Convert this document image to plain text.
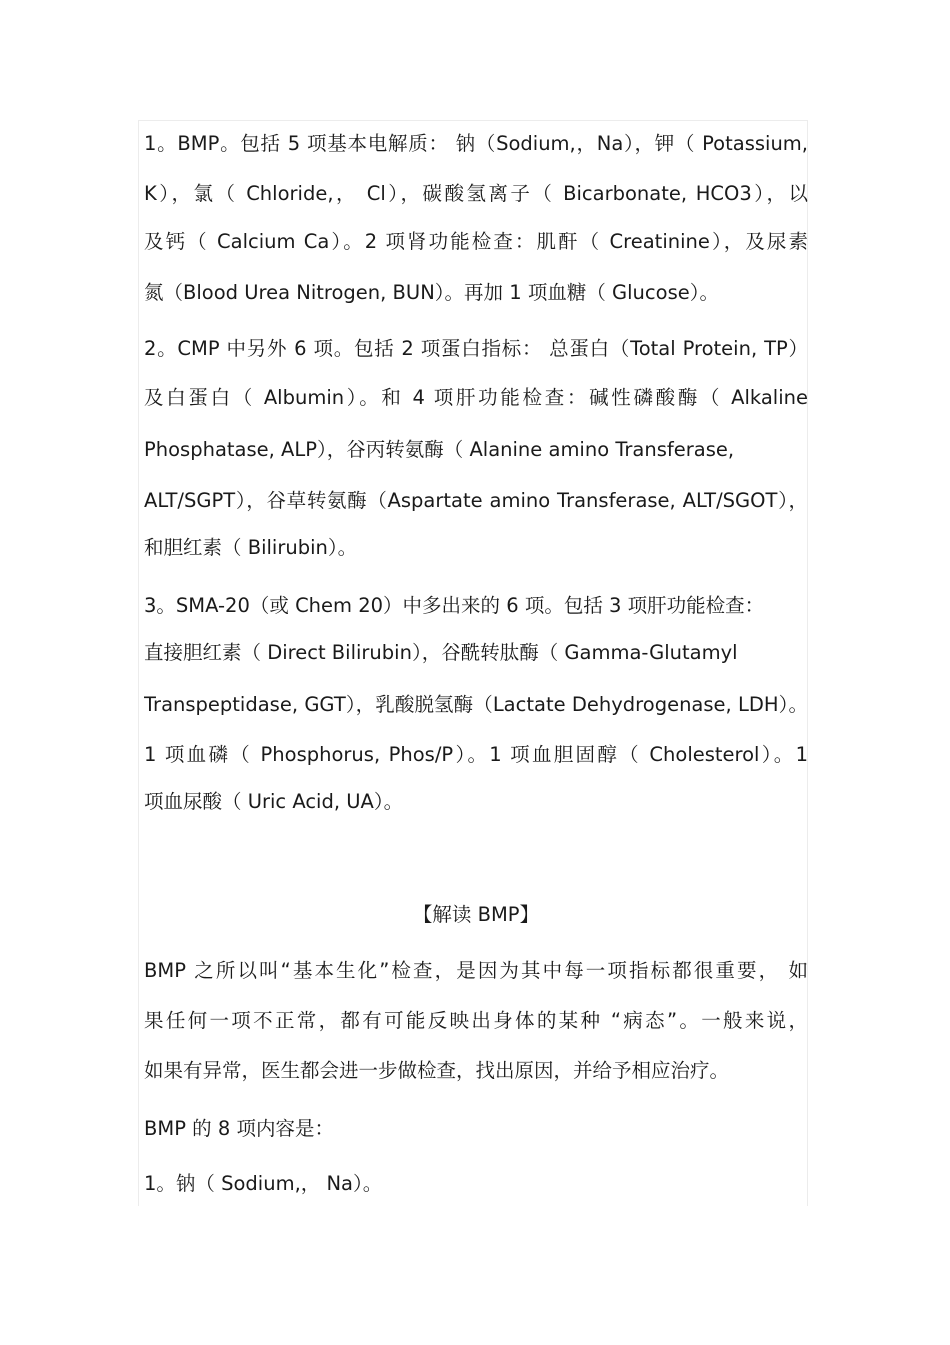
1。BMP。包括 5 项基本电解质： 钠（Sodium,，Na），钾（ Potassium,
K），氯（ Chloride,， Cl），碳酸氢离子（ Bicarbonate, HCO3），以
及钙（ Calcium Ca）。2 项肾功能检查：肌酐（ Creatinine），及尿素
氮（Blood Urea Nitrogen, BUN）。再加 1 项血糖（ Glucose）。
2。CMP 中另外 6 项。包括 2 项蛋白指标： 总蛋白（Total Protein, TP）
及白蛋白（ Albumin）。和 4 项肝功能检查：碱性磷酸酶（ Alkaline
Phosphatase, ALP），谷丙转氨酶（ Alanine amino Transferase,
ALT/SGPT），谷草转氨酶（Aspartate amino Transferase, ALT/SGOT），
和胆红素（ Bilirubin）。
3。SMA-20（或 Chem 20）中多出来的 6 项。包括 3 项肝功能检查：
直接胆红素（ Direct Bilirubin），谷酰转肽酶（ Gamma-Glutamyl
Transpeptidase, GGT），乳酸脱氢酶（Lactate Dehydrogenase, LDH）。
1 项血磷（ Phosphorus, Phos/P）。1 项血胆固醇（ Cholesterol）。1
项血尿酸（ Uric Acid, UA）。
【解读 BMP】
BMP 之所以叫“基本生化”检查，是因为其中每一项指标都很重要， 如
果任何一项不正常，都有可能反映出身体的某种 “病态”。一般来说，
如果有异常，医生都会进一步做检查，找出原因，并给予相应治疗。
BMP 的 8 项内容是：
1。钠（ Sodium,， Na）。
